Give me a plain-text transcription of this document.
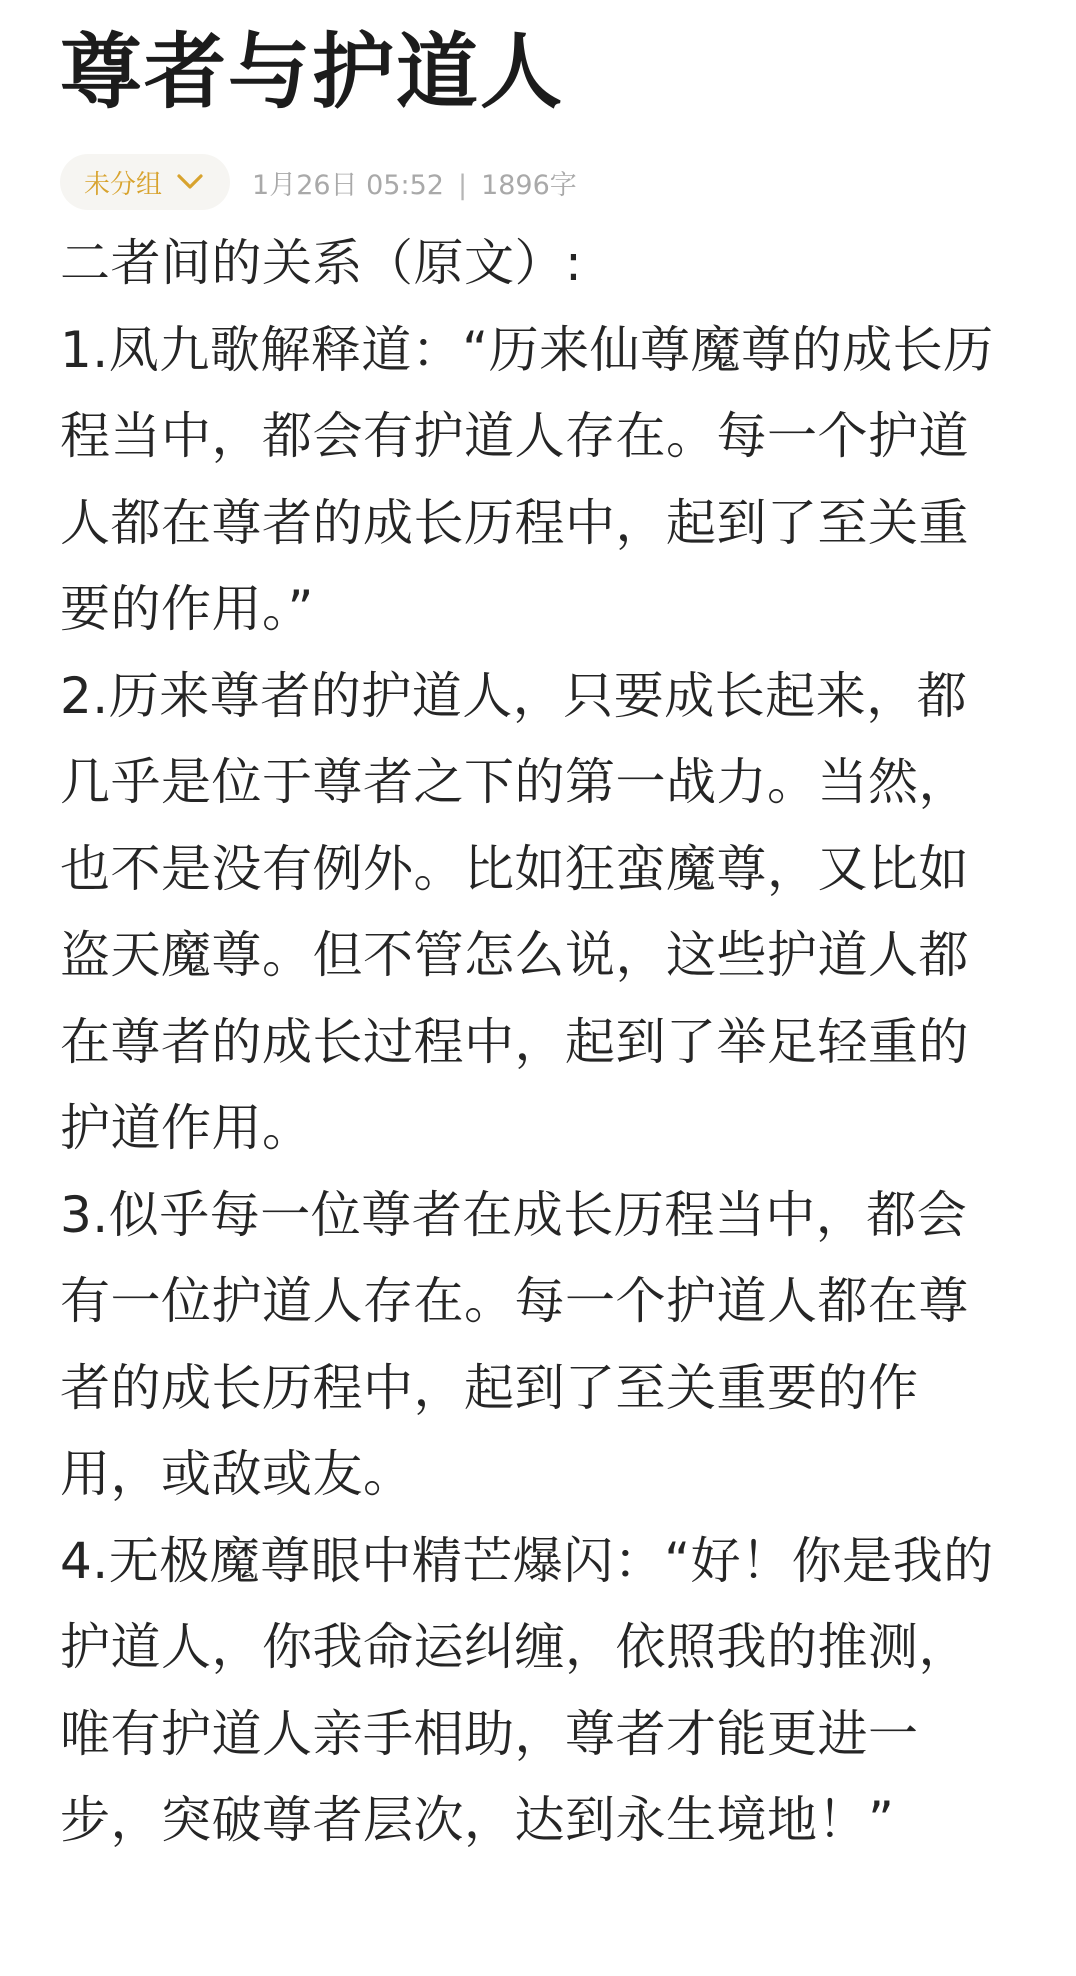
尊者与护道人
未分组	1月26日 05:52 | 1896字

二者间的关系（原文）:

1.凤九歌解释道：“历来仙尊魔尊的成长历程当中，都会有护道人存在。每一个护道人都在尊者的成长历程中，起到了至关重要的作用。”

2.历来尊者的护道人，只要成长起来，都几乎是位于尊者之下的第一战力。当然，也不是没有例外。比如狂蛮魔尊，又比如盗天魔尊。但不管怎么说，这些护道人都在尊者的成长过程中，起到了举足轻重的护道作用。

3.似乎每一位尊者在成长历程当中，都会有一位护道人存在。每一个护道人都在尊者的成长历程中，起到了至关重要的作用，或敌或友。

4.无极魔尊眼中精芒爆闪：“好！你是我的护道人，你我命运纠缠，依照我的推测，唯有护道人亲手相助，尊者才能更进一步，突破尊者层次，达到永生境地！”
